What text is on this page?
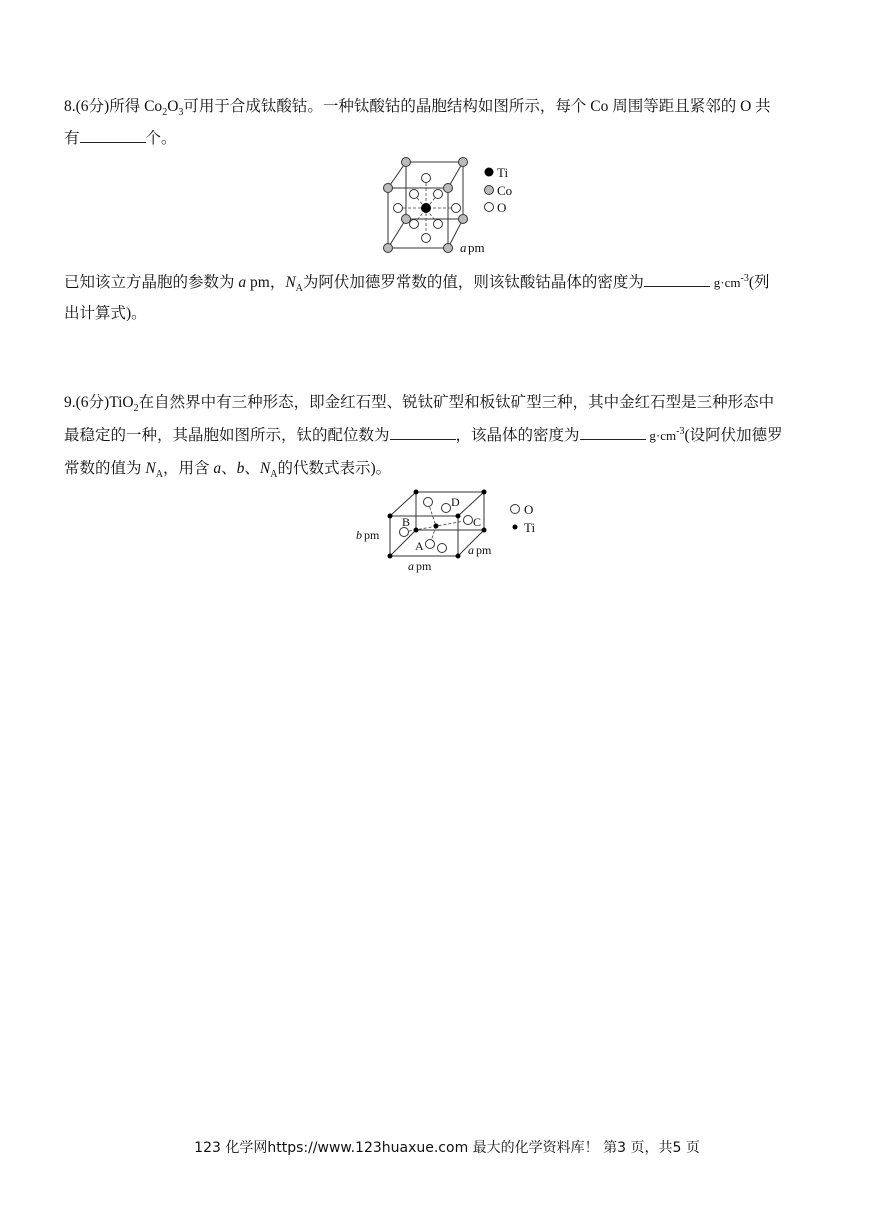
8.(6分)所得 $Co_2O_3$可用于合成钛酸钴。一种钛酸钴的晶胞结构如图所示，每个 Co 周围等距且紧邻的 O 共
有	个。
Ti
Co
O
a pm
已知该立方晶胞的参数为 a pm，$N_A$为阿伏加德罗常数的值，则该钛酸钴晶体的密度为	$g\cdot cm^{-3}$(列
出计算式)。
9.(6分)TiO$_2$在自然界中有三种形态，即金红石型、锐钛矿型和板钛矿型三种，其中金红石型是三种形态中
最稳定的一种，其晶胞如图所示，钛的配位数为	，该晶体的密度为	$g\cdot cm^{-3}$(设阿伏加德罗
常数的值为 $N_A$，用含 a、b、$N_A$的代数式表示)。
D
B	C
A
b pm
a pm
a pm
O
Ti
123 化学网https://www.123huaxue.com 最大的化学资料库！ 第3 页，共5 页
